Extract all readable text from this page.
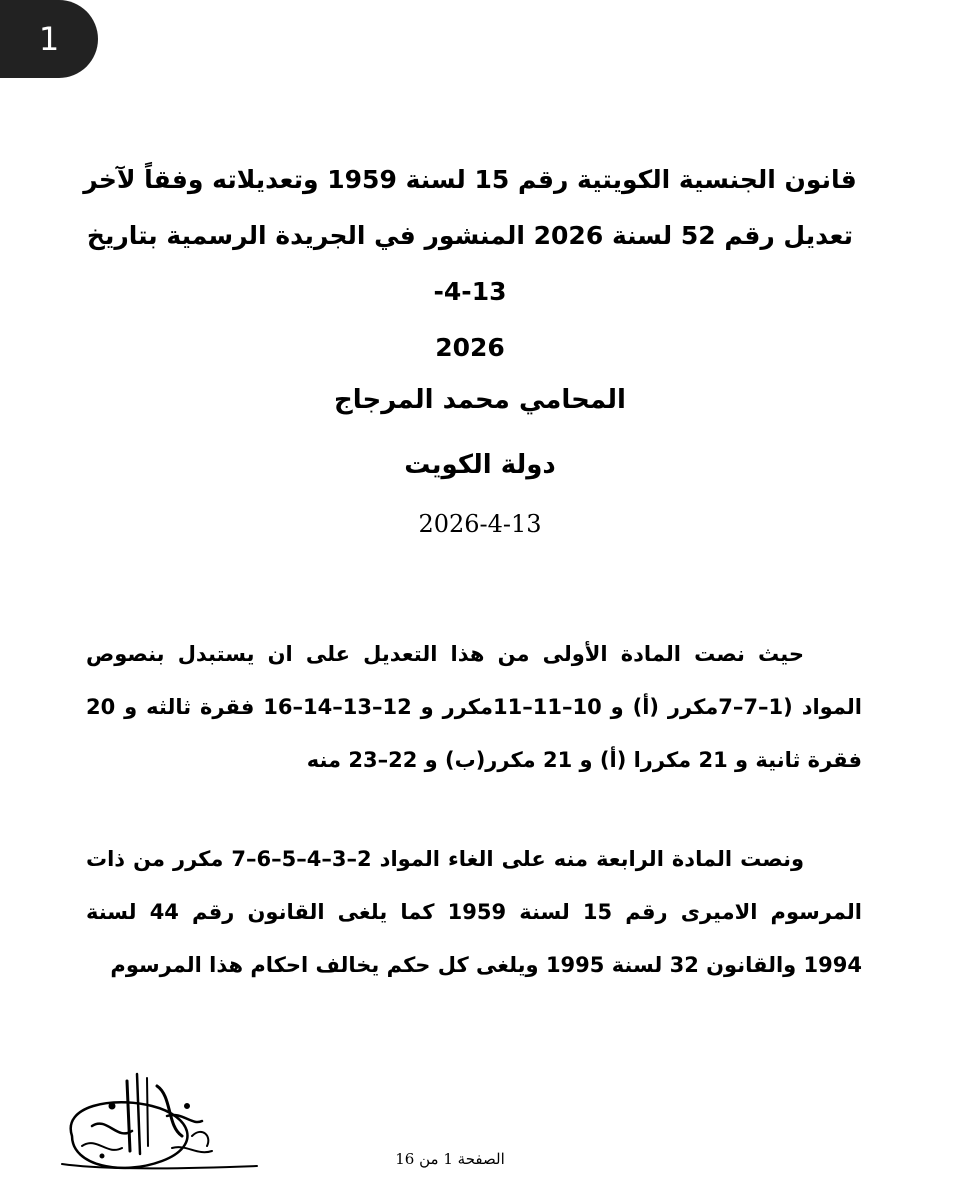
1

قانون الجنسية الكويتية رقم 15 لسنة 1959 وتعديلاته وفقاً لآخر

تعديل رقم 52 لسنة 2026 المنشور في الجريدة الرسمية بتاريخ 13-4-

2026

المحامي محمد المرجاج

دولة الكويت

2026-4-13

حيث نصت المادة الأولى من هذا التعديل على ان يستبدل بنصوص المواد (1–7–7مكرر (أ) و 10–11–11مكرر و 12–13–14–16 فقرة ثالثه و 20 فقرة ثانية و 21 مكررا (أ) و 21 مكرر(ب) و 22–23 منه

ونصت المادة الرابعة منه على الغاء المواد 2–3–4–5–6–7 مكرر من ذات المرسوم الاميرى رقم 15 لسنة 1959 كما يلغى القانون رقم 44 لسنة 1994 والقانون 32 لسنة 1995 ويلغى كل حكم يخالف احكام هذا المرسوم

الصفحة 1 من 16
